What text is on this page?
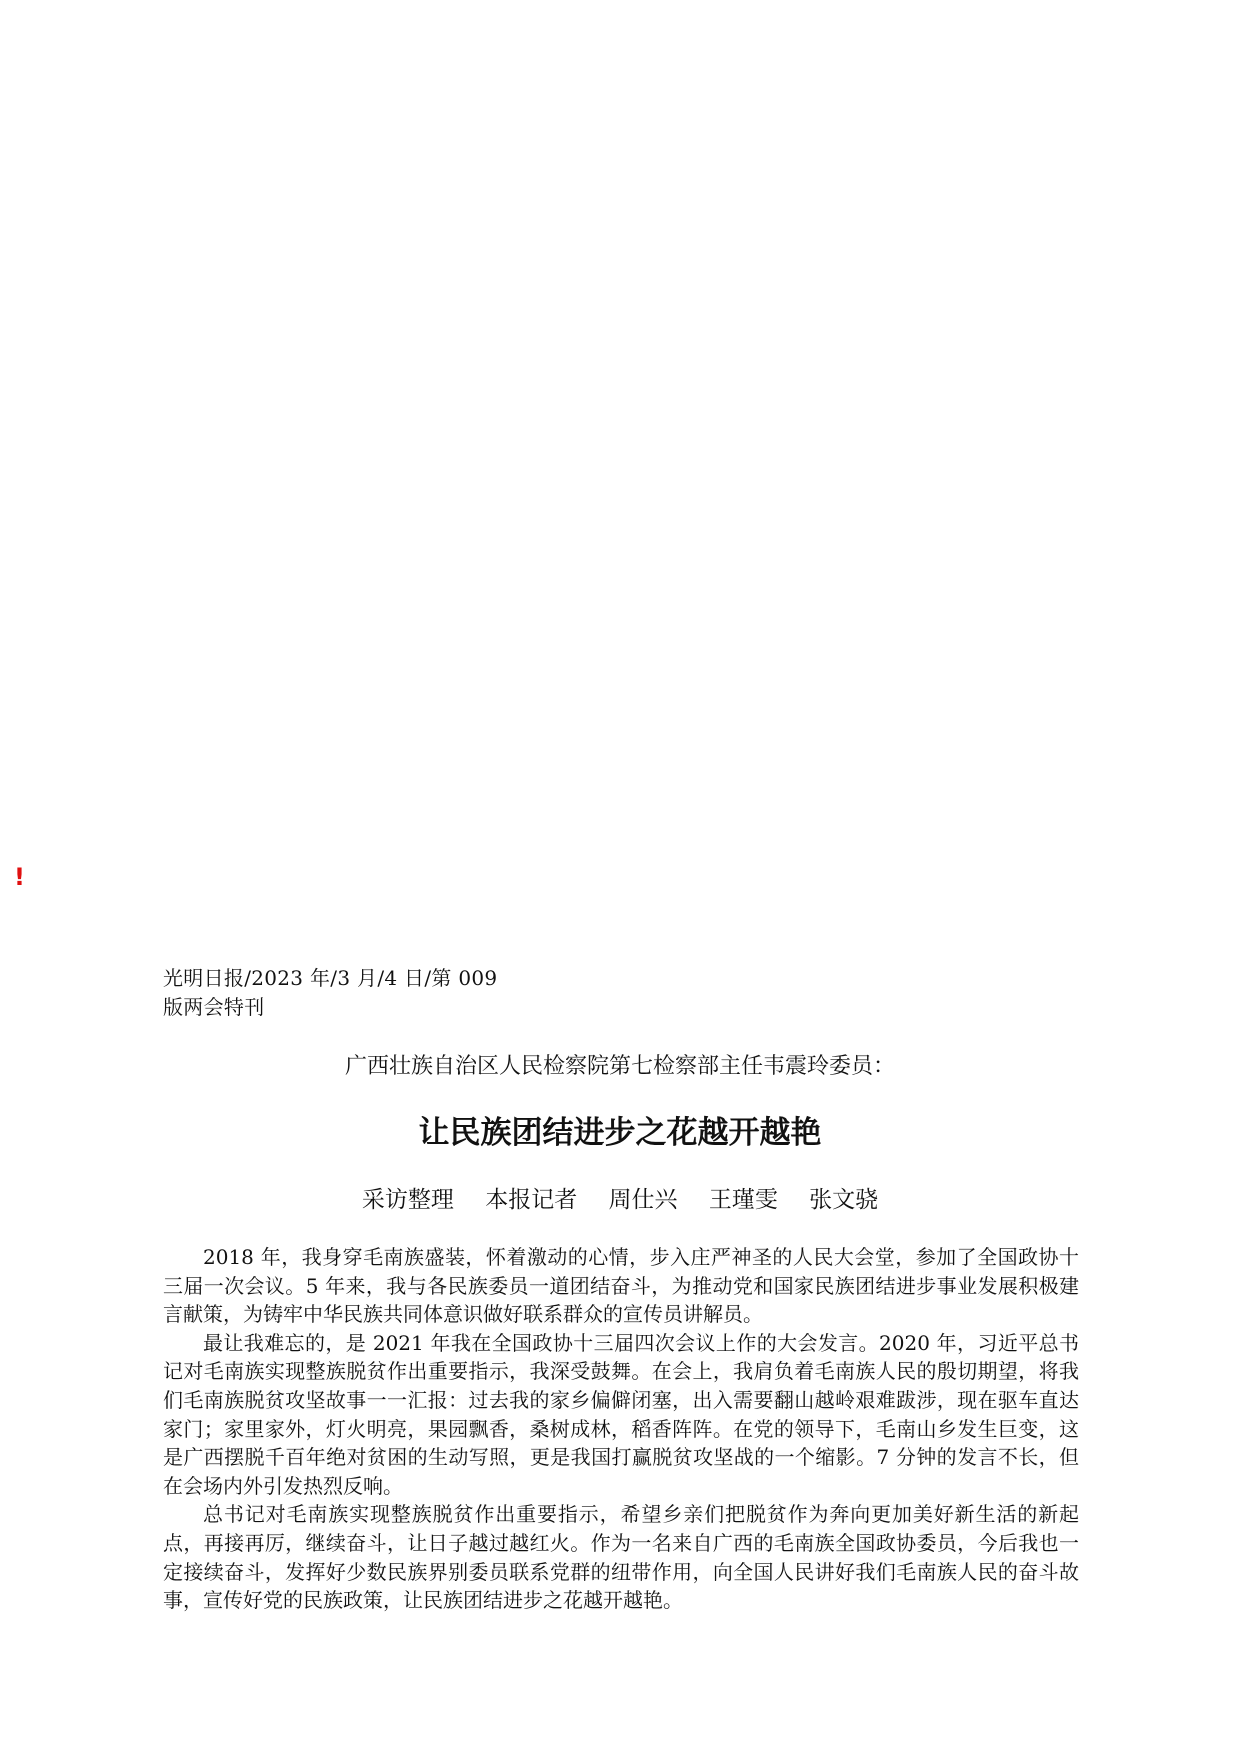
!
光明日报/2023 年/3 月/4 日/第 009
版两会特刊
广西壮族自治区人民检察院第七检察部主任韦震玲委员：
让民族团结进步之花越开越艳
采访整理 本报记者 周仕兴 王瑾雯 张文骁

2018 年，我身穿毛南族盛装，怀着激动的心情，步入庄严神圣的人民大会堂，参加了全国政协十三届一次会议。5 年来，我与各民族委员一道团结奋斗，为推动党和国家民族团结进步事业发展积极建言献策，为铸牢中华民族共同体意识做好联系群众的宣传员讲解员。

最让我难忘的，是 2021 年我在全国政协十三届四次会议上作的大会发言。2020 年，习近平总书记对毛南族实现整族脱贫作出重要指示，我深受鼓舞。在会上，我肩负着毛南族人民的殷切期望，将我们毛南族脱贫攻坚故事一一汇报：过去我的家乡偏僻闭塞，出入需要翻山越岭艰难跋涉，现在驱车直达家门；家里家外，灯火明亮，果园飘香，桑树成林，稻香阵阵。在党的领导下，毛南山乡发生巨变，这是广西摆脱千百年绝对贫困的生动写照，更是我国打赢脱贫攻坚战的一个缩影。7 分钟的发言不长，但在会场内外引发热烈反响。

总书记对毛南族实现整族脱贫作出重要指示，希望乡亲们把脱贫作为奔向更加美好新生活的新起点，再接再厉，继续奋斗，让日子越过越红火。作为一名来自广西的毛南族全国政协委员，今后我也一定接续奋斗，发挥好少数民族界别委员联系党群的纽带作用，向全国人民讲好我们毛南族人民的奋斗故事，宣传好党的民族政策，让民族团结进步之花越开越艳。
